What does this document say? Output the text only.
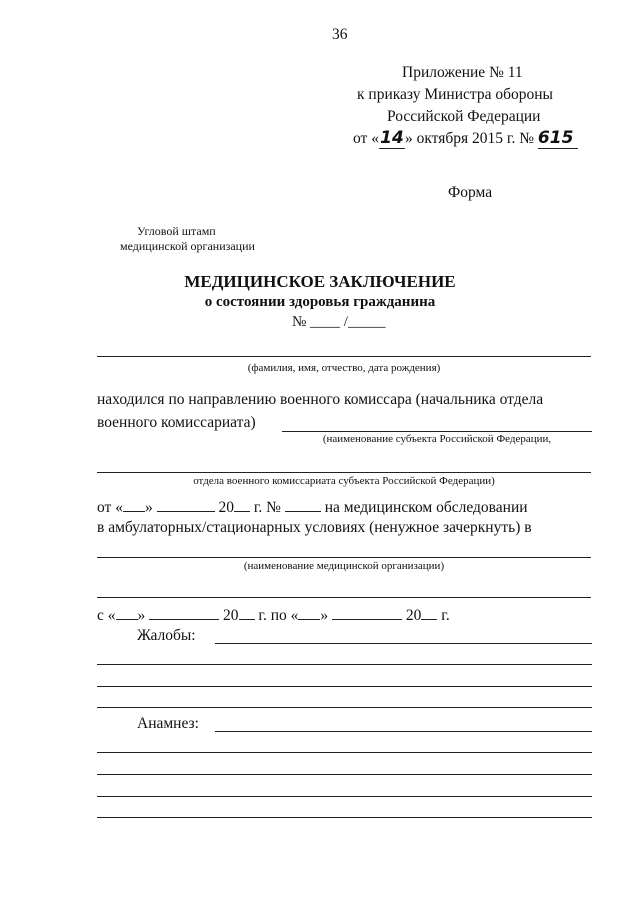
36
Приложение № 11
к приказу Министра обороны
Российской Федерации
от «14» октября 2015 г. № 615
Форма
Угловой штамп
медицинской организации
МЕДИЦИНСКОЕ ЗАКЛЮЧЕНИЕ
о состоянии здоровья гражданина
№ ____ /_____
(фамилия, имя, отчество, дата рождения)
находился по направлению военного комиссара (начальника отдела
военного комиссариата)
(наименование субъекта Российской Федерации,
отдела военного комиссариата субъекта Российской Федерации)
от « »	20 г. №	на медицинском обследовании
в амбулаторных/стационарных условиях (ненужное зачеркнуть) в
(наименование медицинской организации)
с « »	20 г. по « »	20 г.
Жалобы:
Анамнез:
